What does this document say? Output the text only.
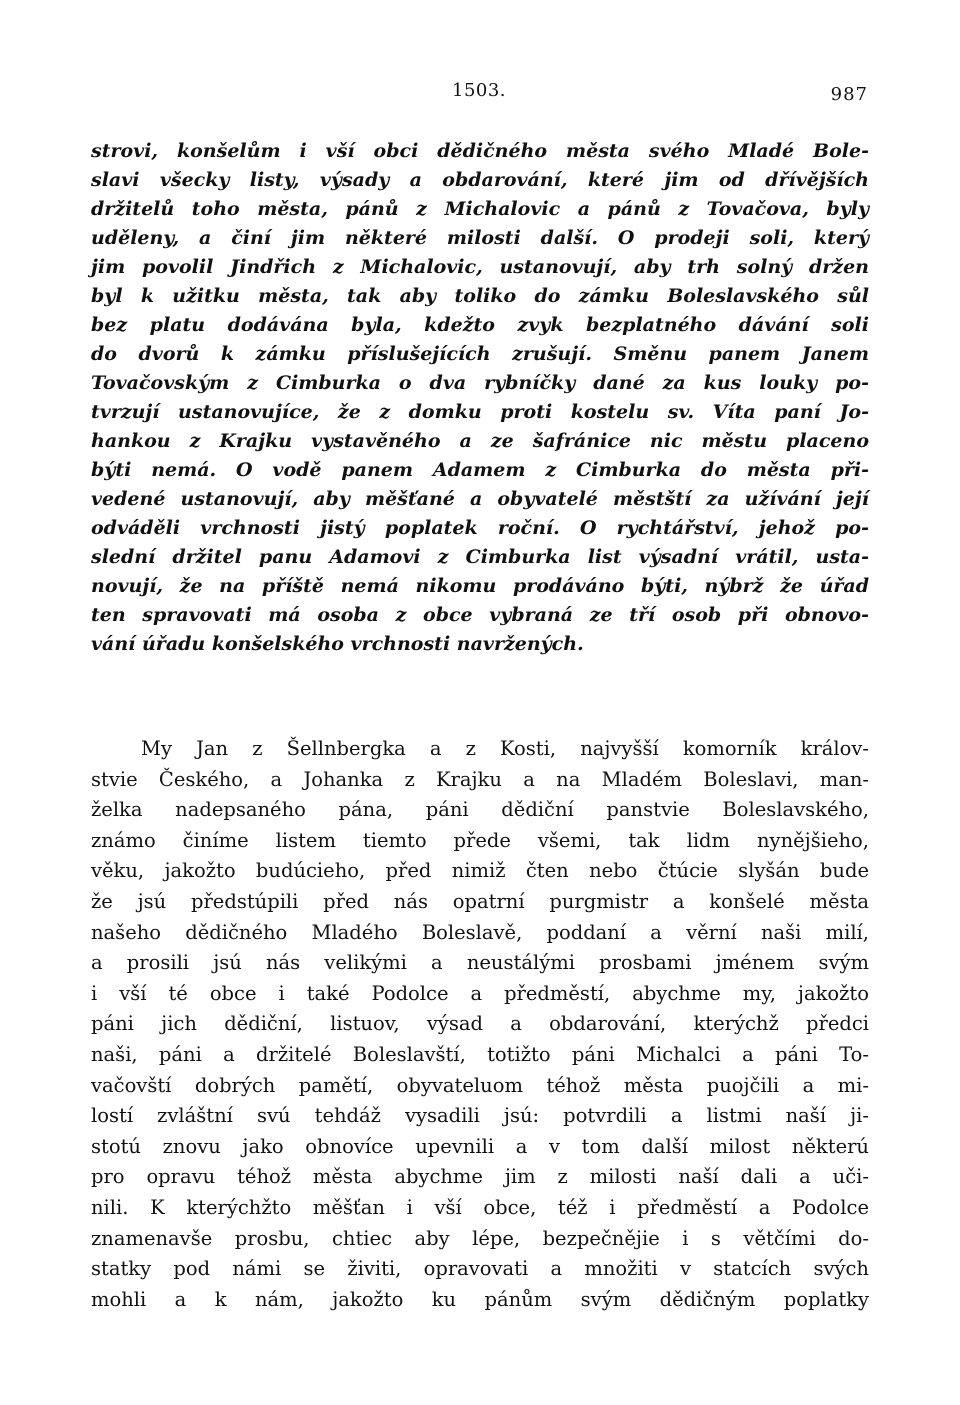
1503.	987
strovi, konšelům i vší obci dědičného města svého Mladé Bole-
slavi všecky listy, výsady a obdarování, které jim od dřívějších
držitelů toho města, pánů z Michalovic a pánů z Tovačova, byly
uděleny, a činí jim některé milosti další. O prodeji soli, který
jim povolil Jindřich z Michalovic, ustanovují, aby trh solný držen
byl k užitku města, tak aby toliko do zámku Boleslavského sůl
bez platu dodávána byla, kdežto zvyk bezplatného dávání soli
do dvorů k zámku příslušejících zrušují. Směnu panem Janem
Tovačovským z Cimburka o dva rybníčky dané za kus louky po-
tvrzují ustanovujíce, že z domku proti kostelu sv. Víta paní Jo-
hankou z Krajku vystavěného a ze šafránice nic městu placeno
býti nemá. O vodě panem Adamem z Cimburka do města při-
vedené ustanovují, aby měšťané a obyvatelé městští za užívání její
odváděli vrchnosti jistý poplatek roční. O rychtářství, jehož po-
slední držitel panu Adamovi z Cimburka list výsadní vrátil, usta-
novují, že na příště nemá nikomu prodáváno býti, nýbrž že úřad
ten spravovati má osoba z obce vybraná ze tří osob při obnovo-
vání úřadu konšelského vrchnosti navržených.
My Jan z Šellnbergka a z Kosti, najvyšší komorník králov-
stvie Českého, a Johanka z Krajku a na Mladém Boleslavi, man-
želka nadepsaného pána, páni dědiční panstvie Boleslavského,
známo činíme listem tiemto přede všemi, tak lidm nynějšieho,
věku, jakožto budúcieho, před nimiž čten nebo čtúcie slyšán bude
že jsú předstúpili před nás opatrní purgmistr a konšelé města
našeho dědičného Mladého Boleslavě, poddaní a věrní naši milí,
a prosili jsú nás velikými a neustálými prosbami jménem svým
i vší té obce i také Podolce a předměstí, abychme my, jakožto
páni jich dědiční, listuov, výsad a obdarování, kterýchž předci
naši, páni a držitelé Boleslavští, totižto páni Michalci a páni To-
vačovští dobrých pamětí, obyvateluom téhož města puojčili a mi-
lostí zvláštní svú tehdáž vysadili jsú: potvrdili a listmi naší ji-
stotú znovu jako obnovíce upevnili a v tom další milost některú
pro opravu téhož města abychme jim z milosti naší dali a uči-
nili. K kterýchžto měšťan i vší obce, též i předměstí a Podolce
znamenavše prosbu, chtiec aby lépe, bezpečnějie i s větčími do-
statky pod námi se živiti, opravovati a množiti v statcích svých
mohli a k nám, jakožto ku pánům svým dědičným poplatky
